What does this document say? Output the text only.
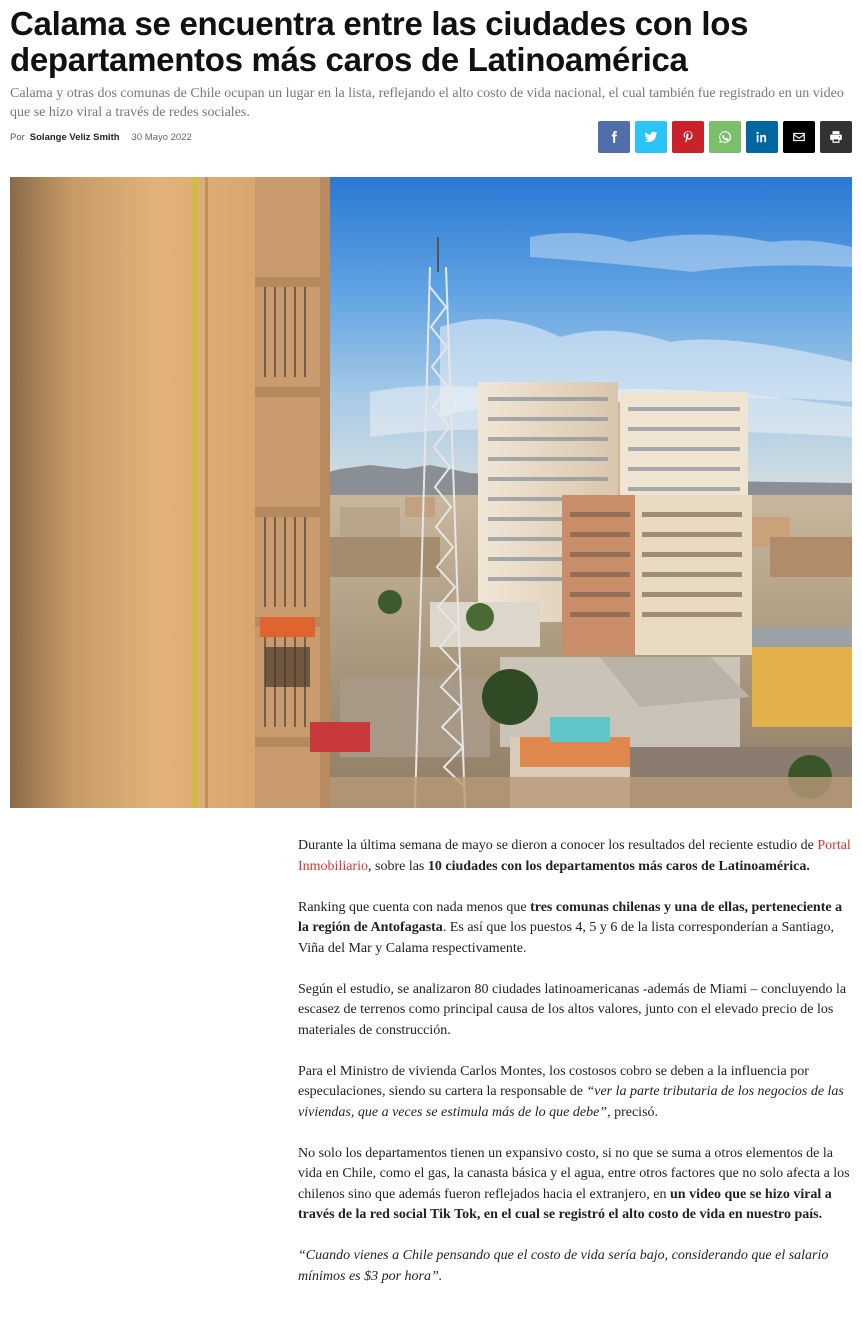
Calama se encuentra entre las ciudades con los departamentos más caros de Latinoamérica

Calama y otras dos comunas de Chile ocupan un lugar en la lista, reflejando el alto costo de vida nacional, el cual también fue registrado en un video que se hizo viral a través de redes sociales.

Por Solange Veliz Smith 30 Mayo 2022

Durante la última semana de mayo se dieron a conocer los resultados del reciente estudio de Portal Inmobiliario, sobre las 10 ciudades con los departamentos más caros de Latinoamérica.

Ranking que cuenta con nada menos que tres comunas chilenas y una de ellas, perteneciente a la región de Antofagasta. Es así que los puestos 4, 5 y 6 de la lista corresponderían a Santiago, Viña del Mar y Calama respectivamente.

Según el estudio, se analizaron 80 ciudades latinoamericanas -además de Miami – concluyendo la escasez de terrenos como principal causa de los altos valores, junto con el elevado precio de los materiales de construcción.

Para el Ministro de vivienda Carlos Montes, los costosos cobro se deben a la influencia por especulaciones, siendo su cartera la responsable de “ver la parte tributaria de los negocios de las viviendas, que a veces se estimula más de lo que debe”, precisó.

No solo los departamentos tienen un expansivo costo, si no que se suma a otros elementos de la vida en Chile, como el gas, la canasta básica y el agua, entre otros factores que no solo afecta a los chilenos sino que además fueron reflejados hacia el extranjero, en un video que se hizo viral a través de la red social Tik Tok, en el cual se registró el alto costo de vida en nuestro país.

“Cuando vienes a Chile pensando que el costo de vida sería bajo, considerando que el salario mínimos es $3 por hora”.
